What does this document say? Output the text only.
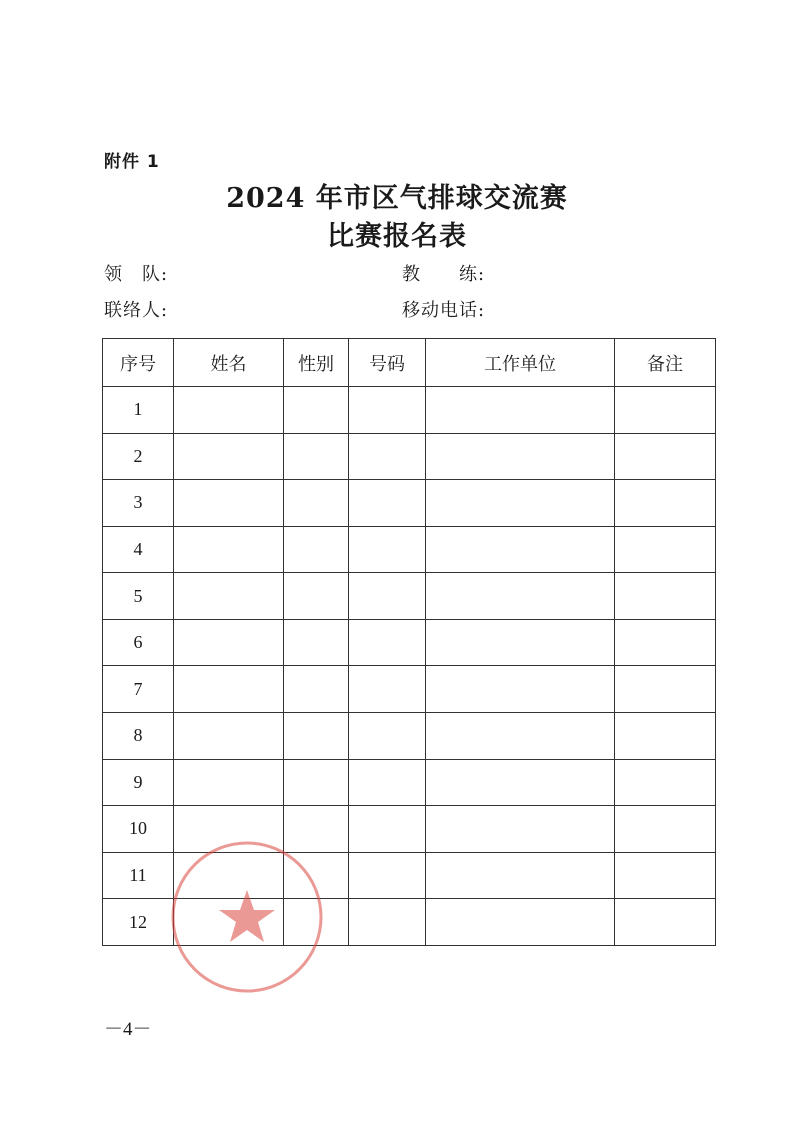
附件 1
2024 年市区气排球交流赛
比赛报名表
领　队:	教　　练:
联络人:	移动电话:
序号	姓名	性别	号码	工作单位	备注
1					
2					
3					
4					
5					
6					
7					
8					
9					
10					
11					
12					
－4－
